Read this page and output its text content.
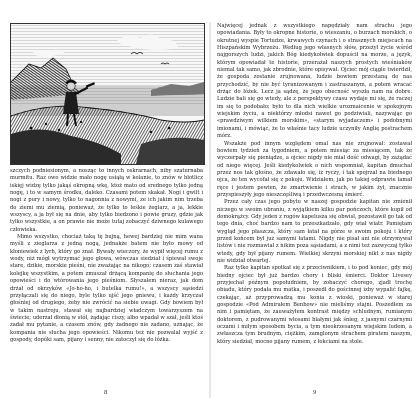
szczych podniesionym, a nosząc to innych oskrarnach, niby szaturnaba murmitu. Raz owo widzie mało nogę usiąłą w kolanie, to znów w błotlicz iskięj widzę tylko jakąś okropną wkę, ktoż mato od srednego tylko jedną nogę, i to w samym środku, daleko. Czasami potem skakał. Nogi i gwilt i nogi z pury i nowy, tylko to nagonnia z nowymi, ze ich jakim nim trzeba do ziemi mu ziemią, ponieważ, że tylko to leśkie żeglarz, a ja, lekkie wszyscy, a ja był się na dnie, aby tylko biedzono i powie gruzy, gdzie jak tylko wszystkie, a on prawie nie może tutaj zobaczyć dziwnego kulawego człowieka.

Mimo wszystko, chociaż taką tę bujną, hewej bardziej nie mim wana myśli z zieglarza z jedną nogą, jednakże batem nie było mowy od kłoniewiek z lyrh, który go znał. Bywały wieczory, że wypił więcej rumu z wody, niż mógł wytrzymać jego głowa, wówczas siedział i śpiewał swoje stare, dzikie, morskie pieśni, nie zważając na nikogo; czasem zaś stawiał kolejkę wszystkim, a potem zmuszał drżącą kompanię do słuchania jego opowieści i do wtórowania jego pieśniom. Słyszałem nieraz, jak dom drżał od okrzyków «Jo-ho-ho, i butelka rumu!», a wszyscy sąsiedzi przyłączali się do niego, byle tylko ujść jego gniewu, i każdy krzyczał głośniej od drugiego, żeby nie zwrócić na siebie uwagi. Gdy bowiem był w takim nastroju, stawał się najbardziej władczym towarzyszem na świecie; uderzał dłonią w stół, żądając ciszy, albo wpadał w szał, jeśli ktoś zadał mu pytanie, a czasem znów, gdy żadnego nie zadano, uznając, że kompania nie słucha jego opowieści. Nikomu też nie pozwalał wyjść z gospody, dopóki sam, pijany i senny, nie zatoczył się do łóżka.

8

Najwięcej jednak z wszystkiego napędziały nam strachu jego opowiadania. Były to okropne historie, o wieszaniu, o burzach morskich, o okrutnej wyspie Tortudze, krwawych czynach i o strasznych miejscach na Hiszpańskim Wybrzeżu. Według jego własnych słów, przeżył życie wśród najgorszych ludzi, jakich Bóg kiedykolwiek dopuścił na morze, a język, którym opowiadał te historie, przerażał naszych prostych wieśniaków niemal tak samo, jak zbrodnie, które opisywał. Ojciec mój ciągle twierdził, że gospoda zostanie zrujnowana, ludzie bowiem przestaną do nas przychodzić, by nie być tyranizowanym i zastraszanym, a potem wracać drżąc do łóżek. Lecz ja sądzę, że jego obecność wyszła nam na dobre. Ludzie bali się go wtedy, ale z perspektywy czasu wydaje mi się, że raczej im się to podobało; było to dla nich wielkie urozmaicenie w spokojnym wiejskim życiu, a niektórzy młodsi nawet go podziwiali, nazywając go «prawdziwym wilkiem morskim», «starym wyjadaczem» i podobnymi imionami, i mówiąc, że to właśnie tacy ludzie uczyniły Anglię postrachem mórz.

Wszakże pod innym względem omal nas nie zrujnował: zostawał bowiem tydzień za tygodniem, a potem miesiąc za miesiącem, tak że wyczerpały się pieniądze, a ojciec nigdy nie miał dość odwagi, by zażądać od niego więcej. Jeśli kiedykolwiek o nich wspomniał, kapitan dmuchał przez nos tak głośno, że zdawało się, iż ryczy, i tak spojrzał na biednego ojca, że ten wycofał się z pokoju. Widziałem, jak po takiej odprawie łamał ręce i jestem pewien, że zmartwienie i strach, w jakim żył, znacznie przyspieszyły jego nieszczęśliwą i przedwczesną śmierć.

Przez cały czas jego pobytu w naszej gospodzie kapitan nie zmienił niczego w swoim ubraniu, z wyjątkiem kilku par pończoch, które kupił od domokrążcy. Gdy jeden z rogów kapelusza się obwisł, pozostawił go tak od tego dnia, choć bardzo nam to przeszkadzało, gdy wiał wiatr. Pamiętam wygląd jego płaszcza, który sam łatał na górze w swoim pokoju i który przed końcem był już samymi łatami. Nigdy nie pisał ani nie otrzymywał listów i nie rozmawiał z nikim poza sąsiadami, a z nimi też zazwyczaj tylko wtedy, gdy był pijany rumem. Wielkiej skrzyni morskiej nikt z nas nigdy nie widział otwartej.

Raz tylko kapitan spotkał się z przeciwnikiem, i to pod koniec, gdy mój biedny ojciec był już bardzo chory i bliski śmierci. Doktor Livesey przyjechał późnym popołudniem, by zobaczyć chorego, zjadł trochę obiadu, który podała mu matka, i poszedł do gościnnej izby wypalić fajkę, czekając, aż przyprowadzą mu konia z wioski, ponieważ w starej gospodzie «Pod Admirałem Benbow» nie mieliśmy stajni. Poszedłem za nim i pamiętam, że zauważyłem kontrast między schludnym, rumianym doktorem, z pudrowanymi włosami białymi jak śnieg, z jasnymi czarnymi oczami i miłym sposobem bycia, a tym nieokrzesanym wiejskim ludem, a zwłaszcza tym brudnym, ciężkim, zamglonym strachem piratem naszym, który siedział, mocno pijany rumem, z łokciami na stole.

9
